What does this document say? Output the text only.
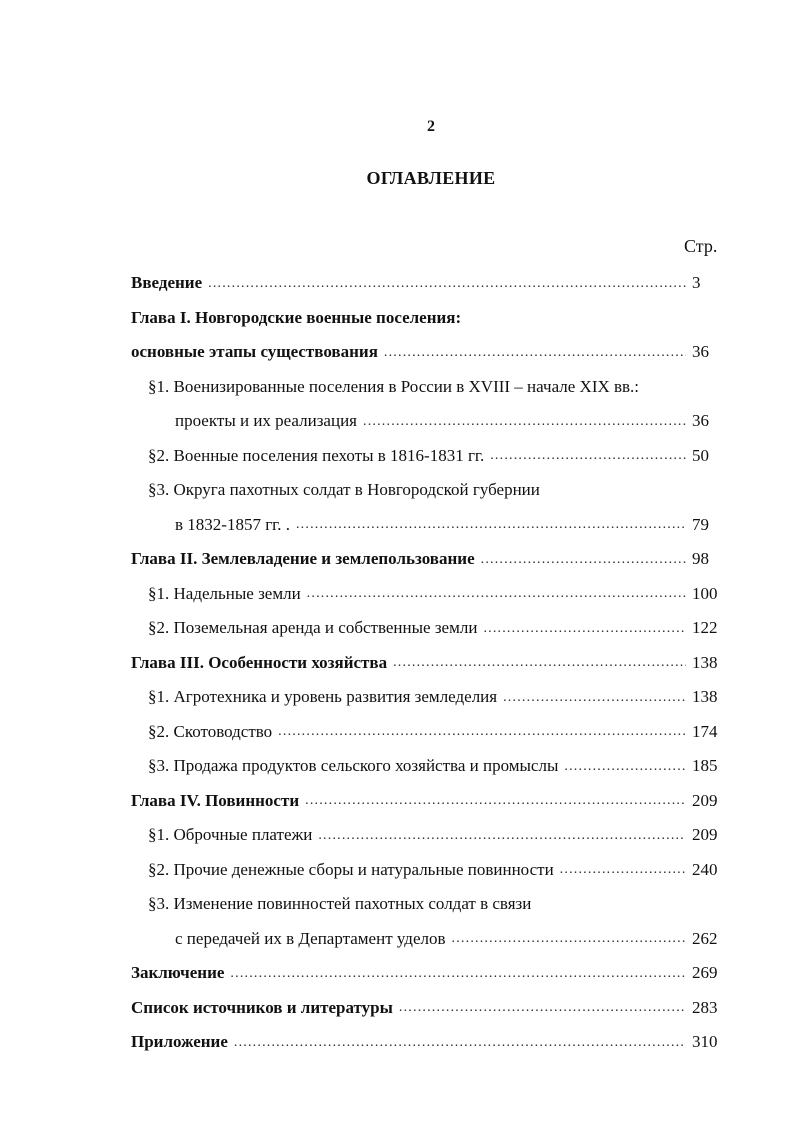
2
ОГЛАВЛЕНИЕ
Стр.
Введение .....	3
Глава I. Новгородские военные поселения:
основные этапы существования .....	36
§1. Военизированные поселения в России в XVIII – начале XIX вв.:
проекты и их реализация .....	36
§2. Военные поселения пехоты в 1816-1831 гг. .....	50
§3. Округа пахотных солдат в Новгородской губернии
в 1832-1857 гг. . .....	79
Глава II. Землевладение и землепользование .....	98
§1. Надельные земли .....	100
§2. Поземельная аренда и собственные земли .....	122
Глава III. Особенности хозяйства .....	138
§1. Агротехника и уровень развития земледелия .....	138
§2. Скотоводство .....	174
§3. Продажа продуктов сельского хозяйства и промыслы .....	185
Глава IV. Повинности .....	209
§1. Оброчные платежи .....	209
§2. Прочие денежные сборы и натуральные повинности .....	240
§3. Изменение повинностей пахотных солдат в связи
с передачей их в Департамент уделов .....	262
Заключение .....	269
Список источников и литературы .....	283
Приложение .....	310
